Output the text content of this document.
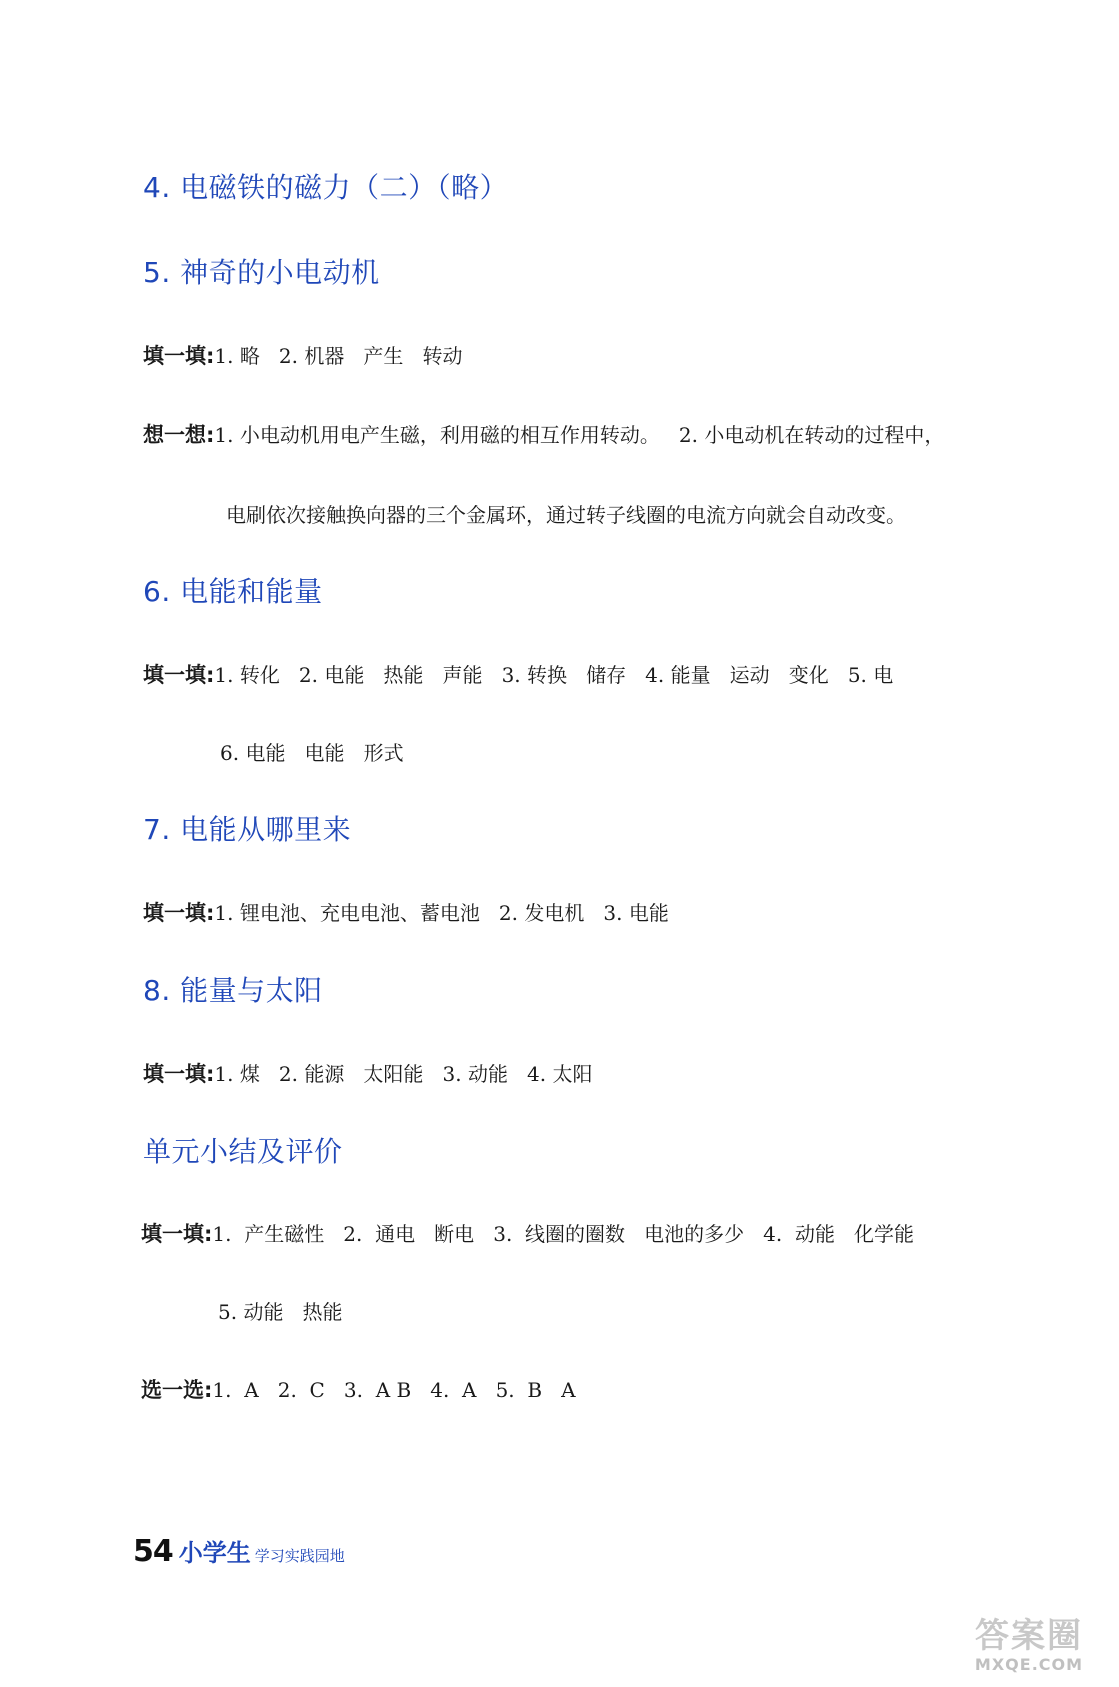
4. 电磁铁的磁力（二）（略）
5. 神奇的小电动机
填一填:1. 略   2. 机器   产生   转动
想一想:1. 小电动机用电产生磁，利用磁的相互作用转动。   2. 小电动机在转动的过程中，
电刷依次接触换向器的三个金属环，通过转子线圈的电流方向就会自动改变。
6. 电能和能量
填一填:1. 转化   2. 电能   热能   声能   3. 转换   储存   4. 能量   运动   变化   5. 电
6. 电能   电能   形式
7. 电能从哪里来
填一填:1. 锂电池、充电电池、蓄电池   2. 发电机   3. 电能
8. 能量与太阳
填一填:1. 煤   2. 能源   太阳能   3. 动能   4. 太阳
单元小结及评价
填一填:1.  产生磁性   2.  通电   断电   3.  线圈的圈数   电池的多少   4.  动能   化学能
5. 动能   热能
选一选:1.  A   2.  C   3.  A B   4.  A   5.  B   A
54 小学生 学习实践园地
答案圈
MXQE.COM
